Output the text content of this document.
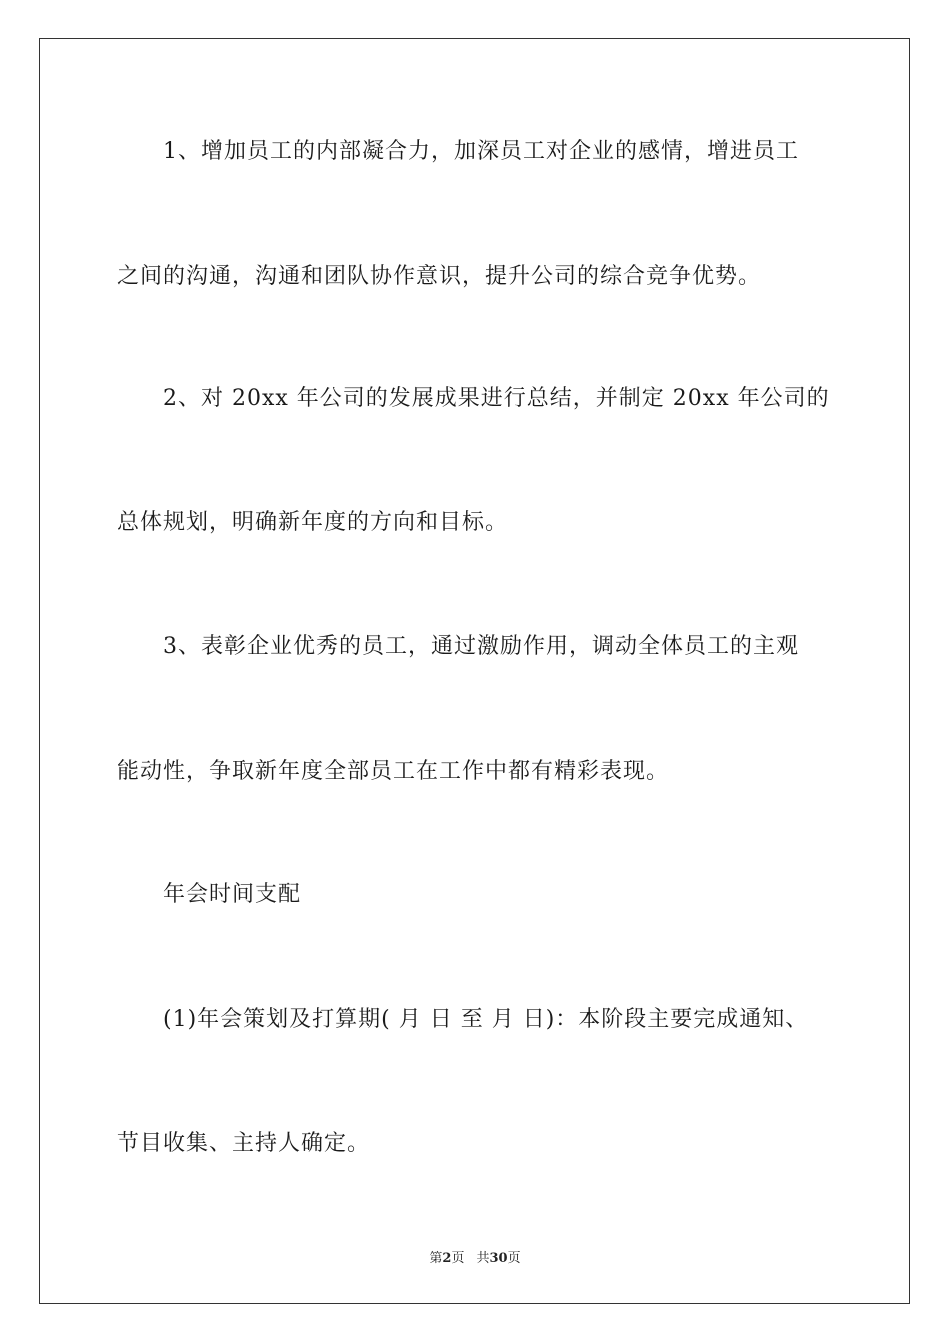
1、增加员工的内部凝合力，加深员工对企业的感情，增进员工
之间的沟通，沟通和团队协作意识，提升公司的综合竞争优势。
2、对 20xx 年公司的发展成果进行总结，并制定 20xx 年公司的
总体规划，明确新年度的方向和目标。
3、表彰企业优秀的员工，通过激励作用，调动全体员工的主观
能动性，争取新年度全部员工在工作中都有精彩表现。
年会时间支配
(1)年会策划及打算期( 月 日 至 月 日)：本阶段主要完成通知、
节目收集、主持人确定。
第2页 共30页
